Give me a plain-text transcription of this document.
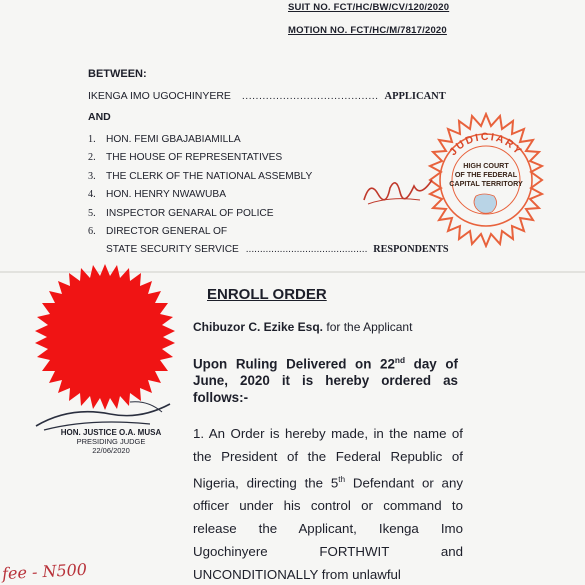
SUIT NO. FCT/HC/BW/CV/120/2020
MOTION NO. FCT/HC/M/7817/2020
BETWEEN:
IKENGA IMO UGOCHINYERE ........................................ APPLICANT
AND
1. HON. FEMI GBAJABIAMILLA
2. THE HOUSE OF REPRESENTATIVES
3. THE CLERK OF THE NATIONAL ASSEMBLY
4. HON. HENRY NWAWUBA
5. INSPECTOR GENARAL OF POLICE
6. DIRECTOR GENERAL OF
STATE SECURITY SERVICE ........................................... RESPONDENTS
JUDICIARY
HIGH COURT
OF THE FEDERAL
CAPITAL TERRITORY
HON. JUSTICE O.A. MUSA
PRESIDING JUDGE
22/06/2020
ENROLL ORDER
Chibuzor C. Ezike Esq. for the Applicant
Upon Ruling Delivered on 22nd day of June, 2020 it is hereby ordered as follows:-
1. An Order is hereby made, in the name of the President of the Federal Republic of Nigeria, directing the 5th Defendant or any officer under his control or command to release the Applicant, Ikenga Imo Ugochinyere FORTHWIT and UNCONDITIONALLY from unlawful
fee - N500
